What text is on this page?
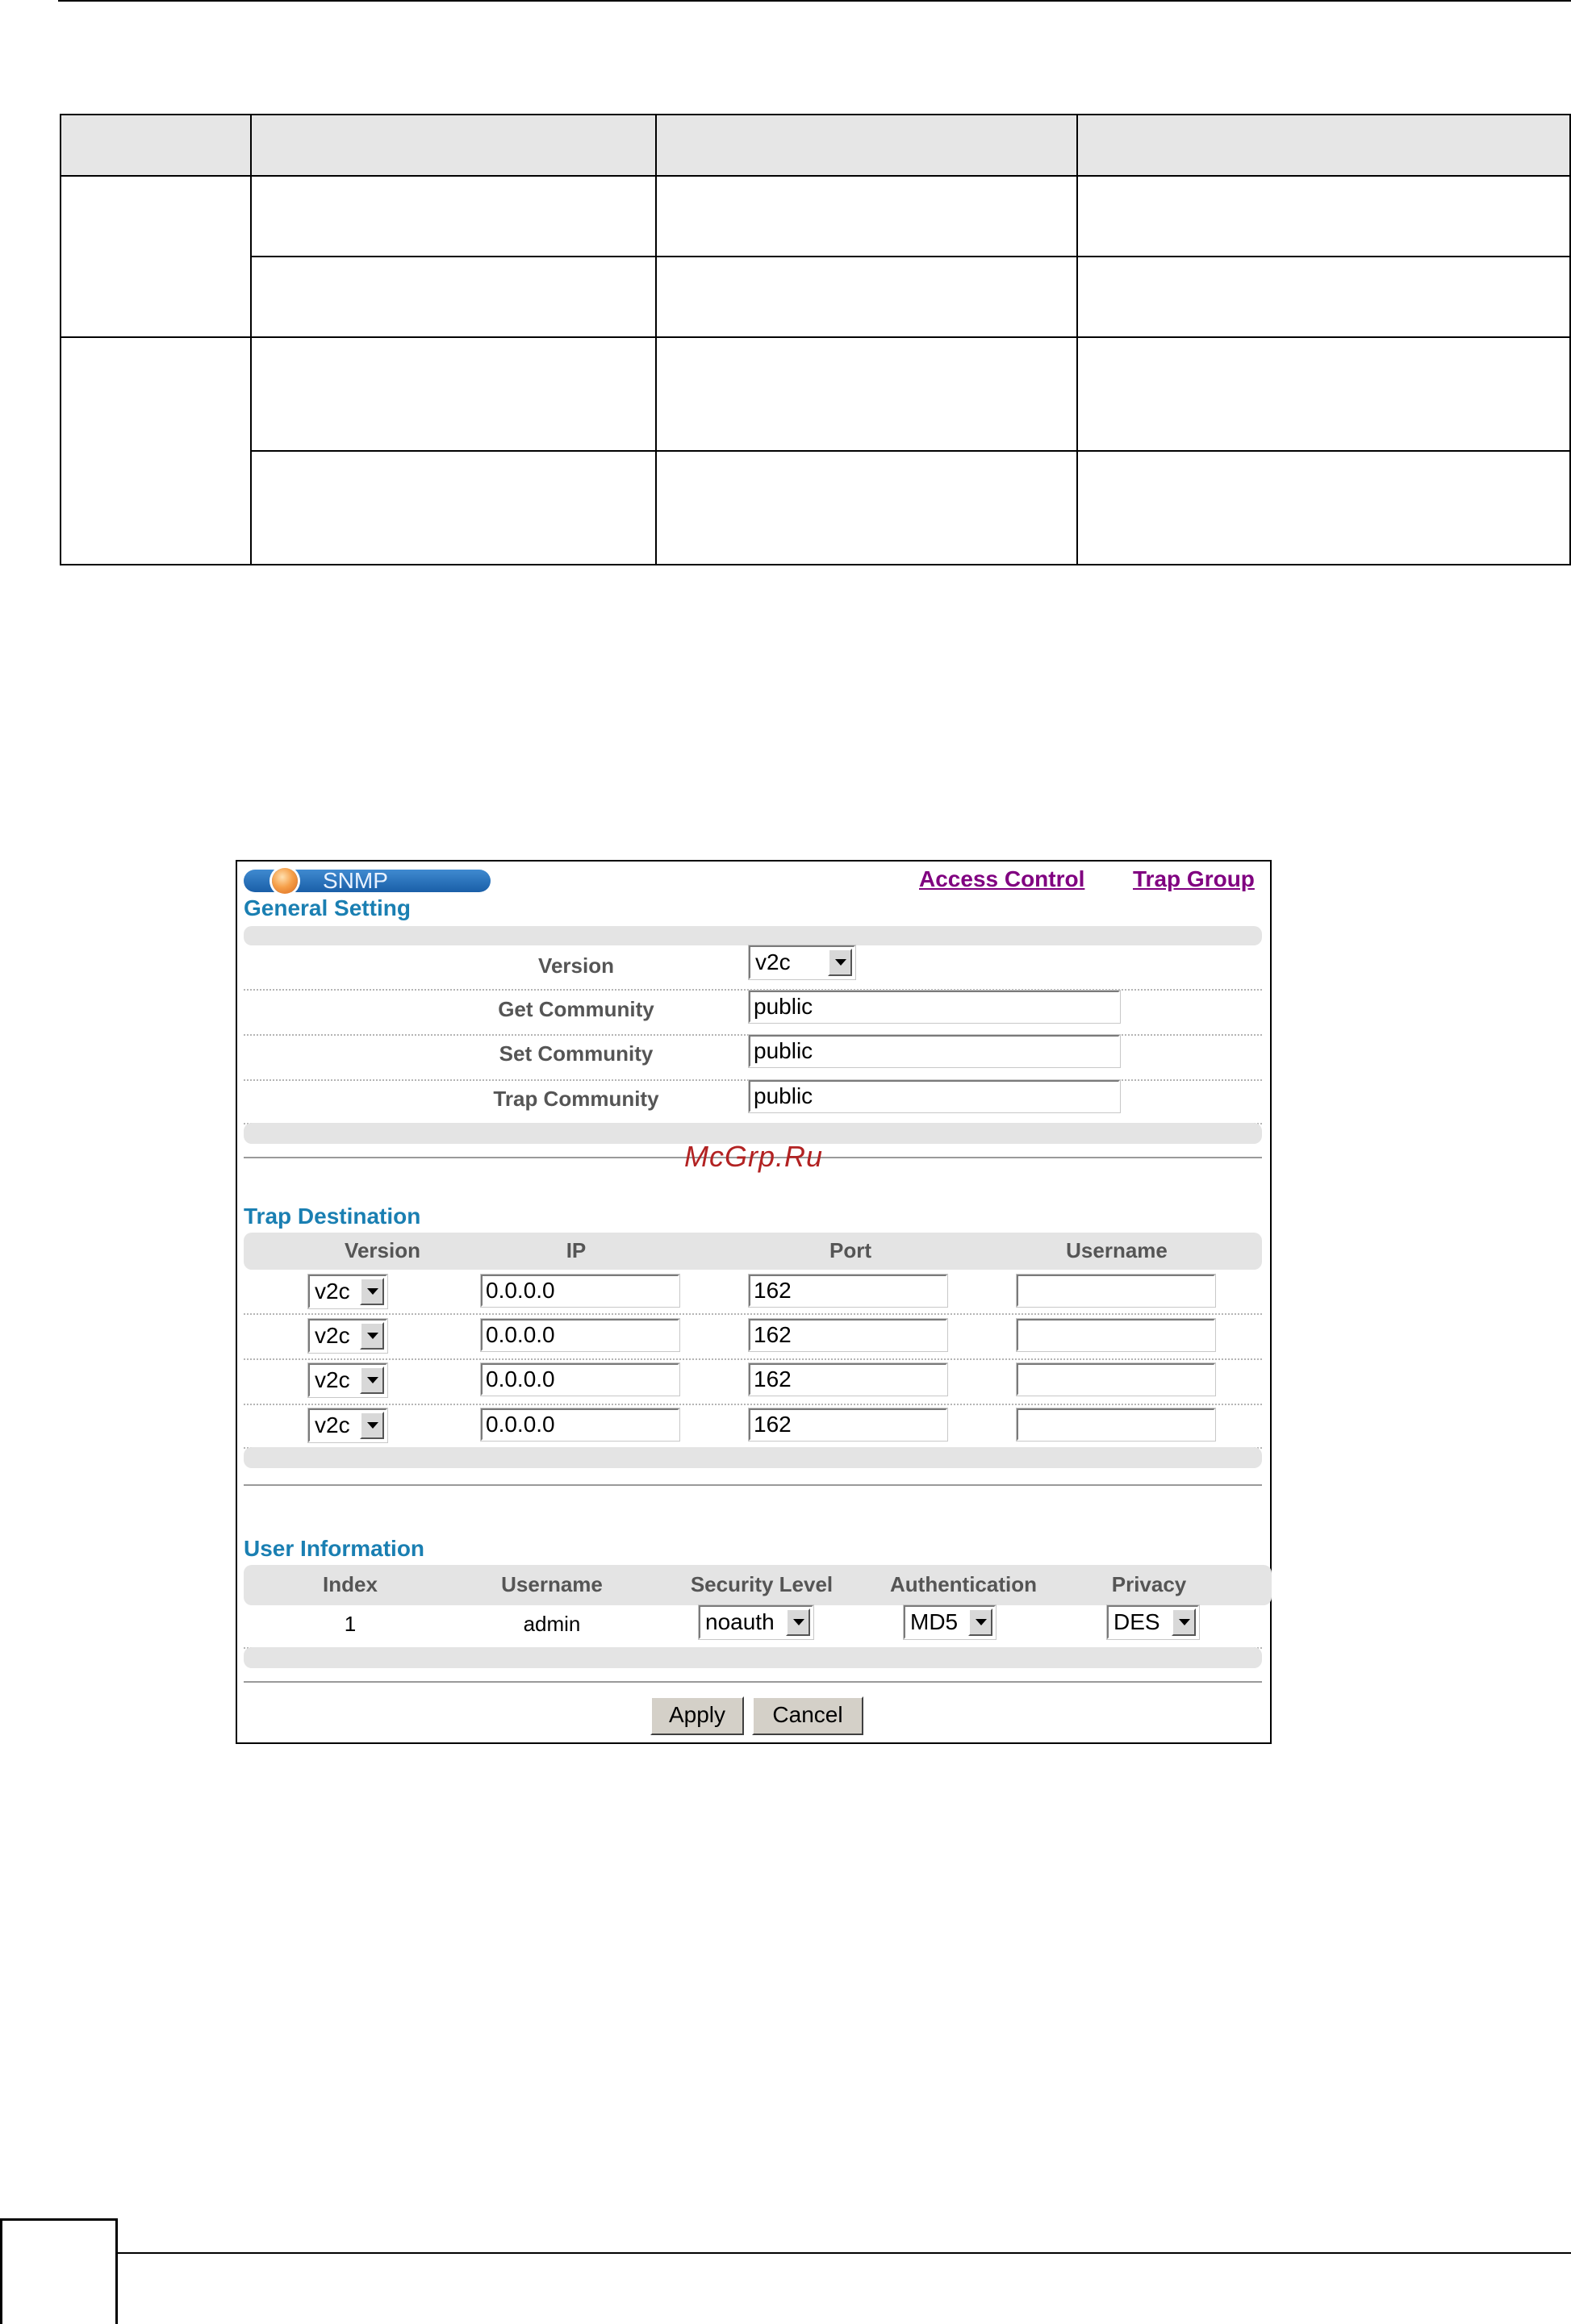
SNMP	Access Control Trap Group
General Setting
Version	v2c
Get Community	public
Set Community	public
Trap Community	public
McGrp.Ru
Trap Destination
Version	IP	Port	Username
v2c	0.0.0.0	162
v2c	0.0.0.0	162
v2c	0.0.0.0	162
v2c	0.0.0.0	162
User Information
Index	Username	Security Level	Authentication	Privacy
1	admin	noauth	MD5	DES
Apply	Cancel
